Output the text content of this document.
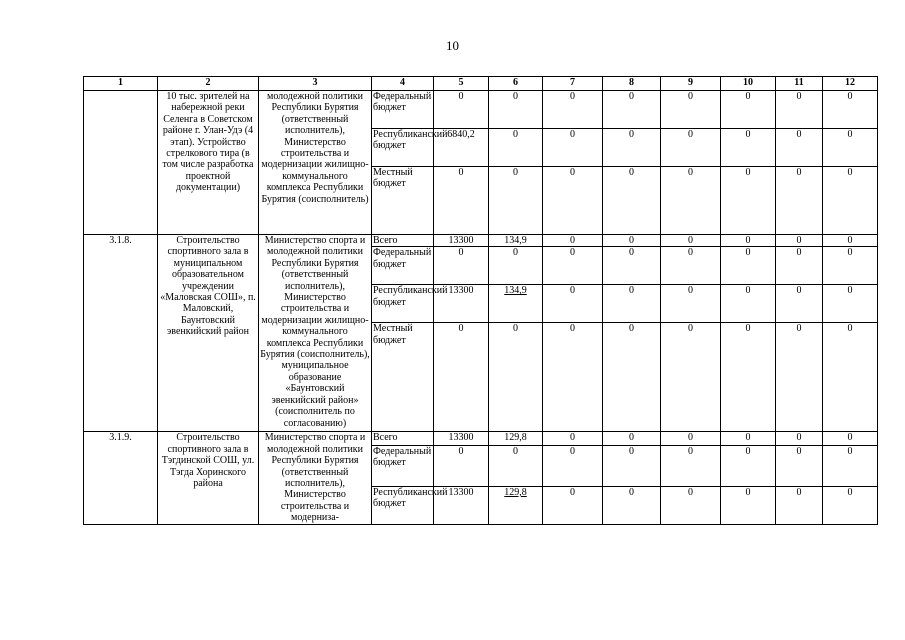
10
1	2	3	4	5	6	7	8	9	10	11	12
	10 тыс. зрителей на набережной реки Селенга в Советском районе г. Улан-Удэ (4 этап). Устройство стрелкового тира (в том числе разработка проектной документации)	молодежной политики Республики Бурятия (ответственный исполнитель), Министерство строительства и модернизации жилищно-коммунального комплекса Республики Бурятия (соисполнитель)	Федеральный бюджет	0	0	0	0	0	0	0	0
			Республиканский бюджет	6840,2	0	0	0	0	0	0	0
			Местный бюджет	0	0	0	0	0	0	0	0
3.1.8.	Строительство спортивного зала в муниципальном образовательном учреждении «Маловская СОШ», п. Маловский, Баунтовский эвенкийский район	Министерство спорта и молодежной политики Республики Бурятия (ответственный исполнитель), Министерство строительства и модернизации жилищно-коммунального комплекса Республики Бурятия (соисполнитель), муниципальное образование «Баунтовский эвенкийский район» (соисполнитель по согласованию)	Всего	13300	134,9	0	0	0	0	0	0
			Федеральный бюджет	0	0	0	0	0	0	0	0
			Республиканский бюджет	13300	134,9	0	0	0	0	0	0
			Местный бюджет	0	0	0	0	0	0	0	0
3.1.9.	Строительство спортивного зала в Тэгдинской СОШ, ул. Тэгда Хоринского района	Министерство спорта и молодежной политики Республики Бурятия (ответственный исполнитель), Министерство строительства и модерниза-	Всего	13300	129,8	0	0	0	0	0	0
			Федеральный бюджет	0	0	0	0	0	0	0	0
			Республиканский бюджет	13300	129,8	0	0	0	0	0	0
